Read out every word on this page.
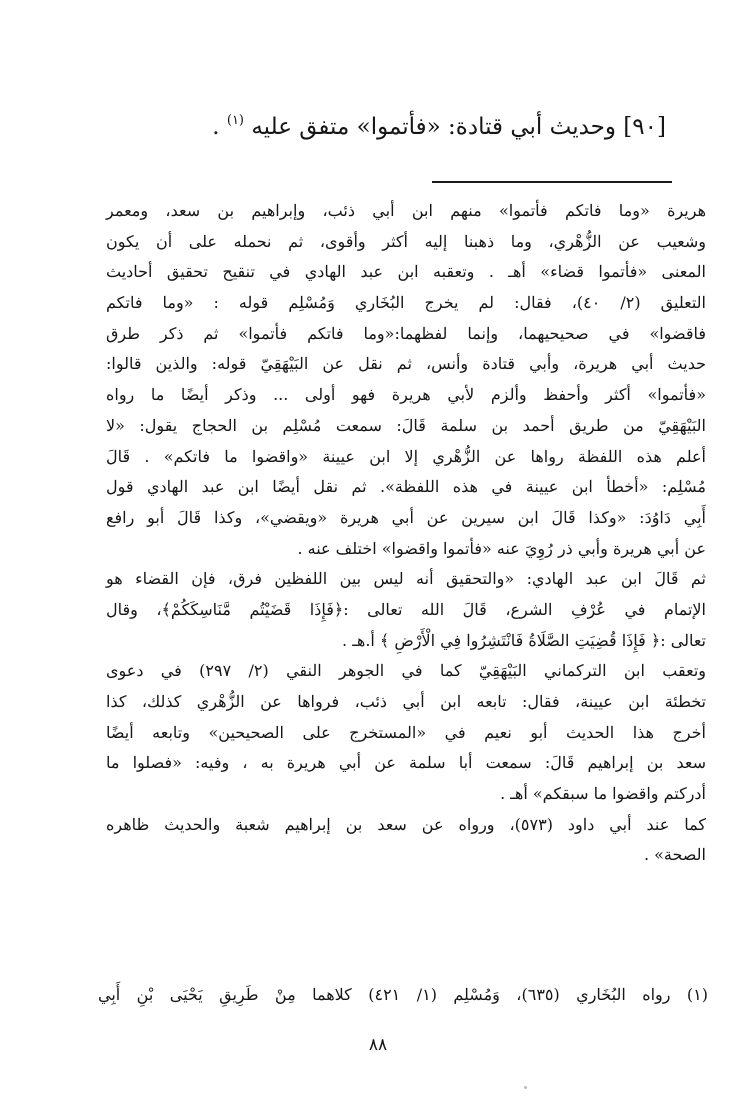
[٩٠] وحديث أبي قتادة: «فأتموا» متفق عليه $^{(١)}$ .
هريرة «وما فاتكم فأتموا» منهم ابن أبي ذئب، وإبراهيم بن سعد، ومعمر
وشعيب عن الزُّهْري، وما ذهبنا إليه أكثر وأقوى، ثم نحمله على أن يكون
المعنى «فأتموا قضاء» أهـ . وتعقبه ابن عبد الهادي في تنقيح تحقيق أحاديث
التعليق (٢/ ٤٠)، فقال: لم يخرج البُخَاري وَمُسْلِم قوله : «وما فاتكم
فاقضوا» في صحيحيهما، وإنما لفظهما:«وما فاتكم فأتموا» ثم ذكر طرق
حديث أبي هريرة، وأبي قتادة وأنس، ثم نقل عن البَيْهَقِيّ قوله: والذين قالوا:
«فأتموا» أكثر وأحفظ وألزم لأبي هريرة فهو أولى ... وذكر أيضًا ما رواه
البَيْهَقِيّ من طريق أحمد بن سلمة قَالَ: سمعت مُسْلِم بن الحجاج يقول: «لا
أعلم هذه اللفظة رواها عن الزُّهْري إلا ابن عيينة «واقضوا ما فاتكم» . قَالَ
مُسْلِم: «أخطأ ابن عيينة في هذه اللفظة». ثم نقل أيضًا ابن عبد الهادي قول
أَبِي دَاوُدَ: «وكذا قَالَ ابن سيرين عن أبي هريرة «ويقضي»، وكذا قَالَ أبو رافع
عن أبي هريرة وأبي ذر رُوِيَ عنه «فأتموا واقضوا» اختلف عنه .
ثم قَالَ ابن عبد الهادي: «والتحقيق أنه ليس بين اللفظين فرق، فإن القضاء هو
الإتمام في عُرْفِ الشرع، قَالَ الله تعالى :﴿فَإِذَا قَضَيْتُم مَّنَاسِكَكُمْ﴾، وقال
تعالى :﴿ فَإِذَا قُضِيَتِ الصَّلَاةُ فَانْتَشِرُوا فِي الْأَرْضِ ﴾ أ.هـ .
وتعقب ابن التركماني البَيْهَقِيّ كما في الجوهر النقي (٢/ ٢٩٧) في دعوى
تخطئة ابن عيينة، فقال: تابعه ابن أبي ذئب، فرواها عن الزُّهْري كذلك، كذا
أخرج هذا الحديث أبو نعيم في «المستخرج على الصحيحين» وتابعه أيضًا
سعد بن إبراهيم قَالَ: سمعت أبا سلمة عن أبي هريرة به ، وفيه: «فصلوا ما
أدركتم واقضوا ما سبقكم» أهـ .
كما عند أبي داود (٥٧٣)، ورواه عن سعد بن إبراهيم شعبة والحديث ظاهره
الصحة» .
(١) رواه البُخَاري (٦٣٥)، وَمُسْلِم (١/ ٤٢١) كلاهما مِنْ طَرِيقِ يَحْيَى بْنِ أَبِي
٨٨
